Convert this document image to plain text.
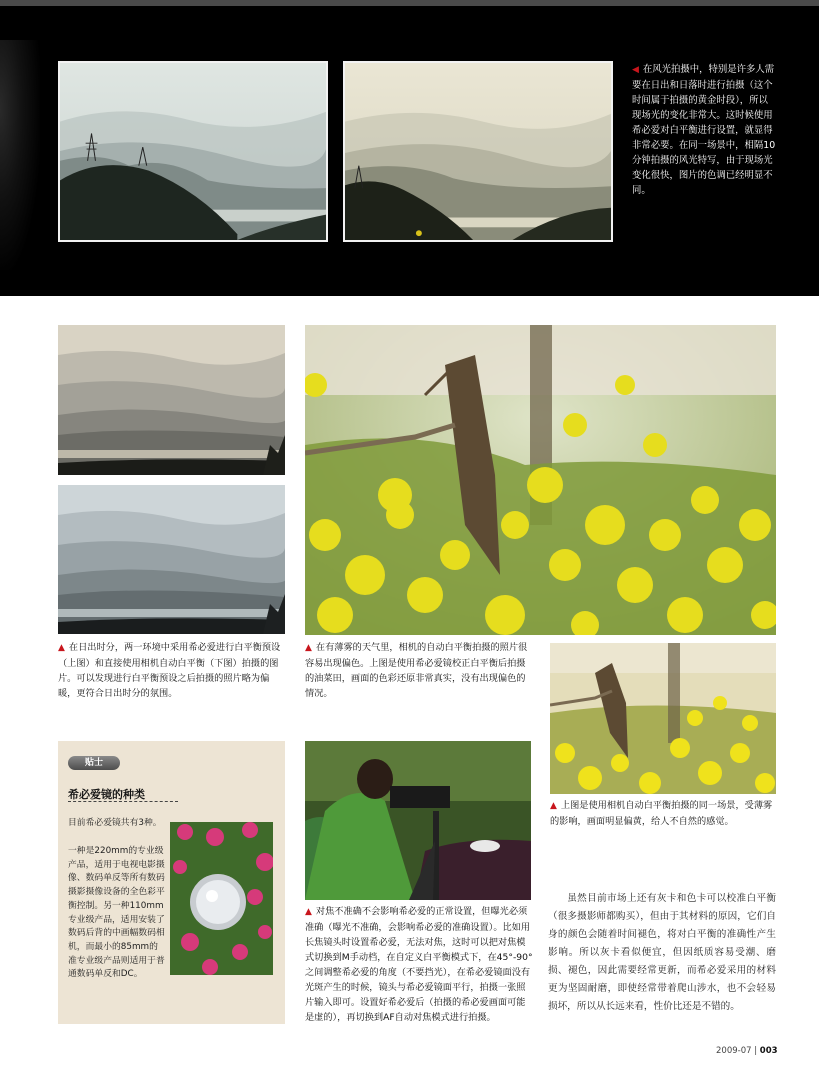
◀ 在风光拍摄中，特别是许多人需要在日出和日落时进行拍摄（这个时间属于拍摄的黄金时段），所以现场光的变化非常大。这时候使用希必爱对白平衡进行设置，就显得非常必要。在同一场景中，相隔10分钟拍摄的风光特写，由于现场光变化很快，图片的色调已经明显不同。

▲ 在日出时分，两一环境中采用希必爱进行白平衡预设（上图）和直接使用相机自动白平衡（下图）拍摄的图片。可以发现进行白平衡预设之后拍摄的照片略为偏暖，更符合日出时分的氛围。

▲ 在有薄雾的天气里，相机的自动白平衡拍摄的照片很容易出现偏色。上图是使用希必爱镜校正白平衡后拍摄的油菜田，画面的色彩还原非常真实，没有出现偏色的情况。

▲ 上图是使用相机自动白平衡拍摄的同一场景，受薄雾的影响，画面明显偏黄，给人不自然的感觉。

贴士
希必爱镜的种类
目前希必爱镜共有3种。
一种是220mm的专业级产品，适用于电视电影摄像、数码单反等所有数码摄影摄像设备的全色彩平衡控制。另一种110mm专业级产品，适用安装了数码后背的中画幅数码相机，而最小的85mm的准专业级产品则适用于普通数码单反和DC。

▲ 对焦不准确不会影响希必爱的正常设置，但曝光必须准确（曝光不准确，会影响希必爱的准确设置）。比如用长焦镜头时设置希必爱，无法对焦，这时可以把对焦模式切换到M手动档，在自定义白平衡模式下，在45°-90°之间调整希必爱的角度（不要挡光），在希必爱镜面没有光斑产生的时候，镜头与希必爱镜面平行，拍摄一张照片输入即可。设置好希必爱后（拍摄的希必爱画面可能是虚的），再切换到AF自动对焦模式进行拍摄。

虽然目前市场上还有灰卡和色卡可以校准白平衡（很多摄影师都购买），但由于其材料的原因，它们自身的颜色会随着时间褪色，将对白平衡的准确性产生影响。所以灰卡看似便宜，但因纸质容易受潮、磨损、褪色，因此需要经常更新，而希必爱采用的材料更为坚固耐磨，即使经常带着爬山涉水，也不会轻易损坏，所以从长远来看，性价比还是不错的。
2009-07 | 003
